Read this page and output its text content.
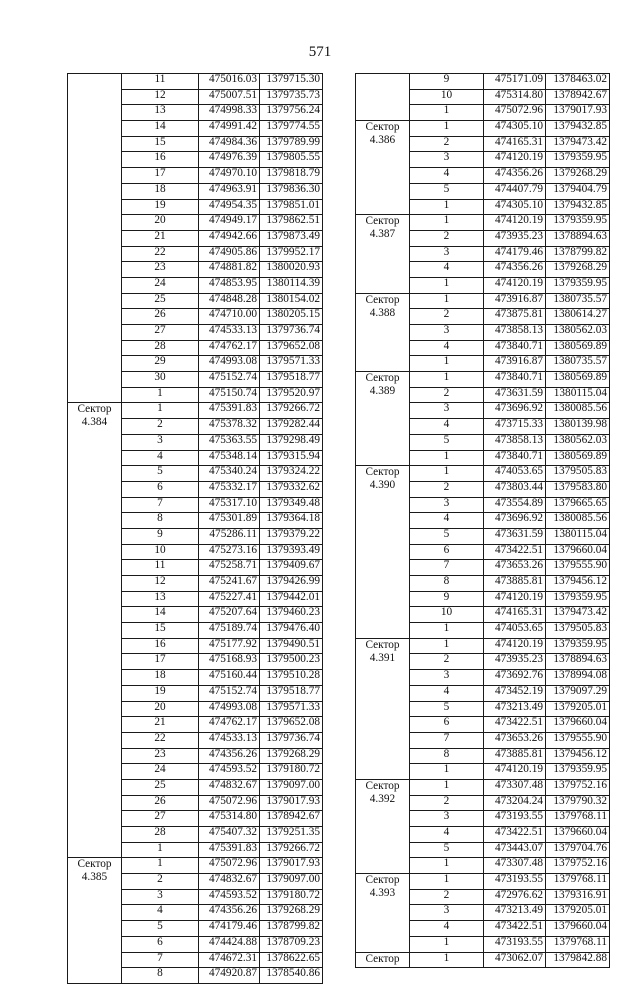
571
	11	475016.03	1379715.30
	12	475007.51	1379735.73
	13	474998.33	1379756.24
	14	474991.42	1379774.55
	15	474984.36	1379789.99
	16	474976.39	1379805.55
	17	474970.10	1379818.79
	18	474963.91	1379836.30
	19	474954.35	1379851.01
	20	474949.17	1379862.51
	21	474942.66	1379873.49
	22	474905.86	1379952.17
	23	474881.82	1380020.93
	24	474853.95	1380114.39
	25	474848.28	1380154.02
	26	474710.00	1380205.15
	27	474533.13	1379736.74
	28	474762.17	1379652.08
	29	474993.08	1379571.33
	30	475152.74	1379518.77
	1	475150.74	1379520.97

Сектор
4.384	1	475391.83	1379266.72
	2	475378.32	1379282.44
	3	475363.55	1379298.49
	4	475348.14	1379315.94
	5	475340.24	1379324.22
	6	475332.17	1379332.62
	7	475317.10	1379349.48
	8	475301.89	1379364.18
	9	475286.11	1379379.22
	10	475273.16	1379393.49
	11	475258.71	1379409.67
	12	475241.67	1379426.99
	13	475227.41	1379442.01
	14	475207.64	1379460.23
	15	475189.74	1379476.40
	16	475177.92	1379490.51
	17	475168.93	1379500.23
	18	475160.44	1379510.28
	19	475152.74	1379518.77
	20	474993.08	1379571.33
	21	474762.17	1379652.08
	22	474533.13	1379736.74
	23	474356.26	1379268.29
	24	474593.52	1379180.72
	25	474832.67	1379097.00
	26	475072.96	1379017.93
	27	475314.80	1378942.67
	28	475407.32	1379251.35
	1	475391.83	1379266.72

Сектор
4.385	1	475072.96	1379017.93
	2	474832.67	1379097.00
	3	474593.52	1379180.72
	4	474356.26	1379268.29
	5	474179.46	1378799.82
	6	474424.88	1378709.23
	7	474672.31	1378622.65
	8	474920.87	1378540.86
	9	475171.09	1378463.02
	10	475314.80	1378942.67
	1	475072.96	1379017.93

Сектор
4.386	1	474305.10	1379432.85
	2	474165.31	1379473.42
	3	474120.19	1379359.95
	4	474356.26	1379268.29
	5	474407.79	1379404.79
	1	474305.10	1379432.85

Сектор
4.387	1	474120.19	1379359.95
	2	473935.23	1378894.63
	3	474179.46	1378799.82
	4	474356.26	1379268.29
	1	474120.19	1379359.95

Сектор
4.388	1	473916.87	1380735.57
	2	473875.81	1380614.27
	3	473858.13	1380562.03
	4	473840.71	1380569.89
	1	473916.87	1380735.57

Сектор
4.389	1	473840.71	1380569.89
	2	473631.59	1380115.04
	3	473696.92	1380085.56
	4	473715.33	1380139.98
	5	473858.13	1380562.03
	1	473840.71	1380569.89

Сектор
4.390	1	474053.65	1379505.83
	2	473803.44	1379583.80
	3	473554.89	1379665.65
	4	473696.92	1380085.56
	5	473631.59	1380115.04
	6	473422.51	1379660.04
	7	473653.26	1379555.90
	8	473885.81	1379456.12
	9	474120.19	1379359.95
	10	474165.31	1379473.42
	1	474053.65	1379505.83

Сектор
4.391	1	474120.19	1379359.95
	2	473935.23	1378894.63
	3	473692.76	1378994.08
	4	473452.19	1379097.29
	5	473213.49	1379205.01
	6	473422.51	1379660.04
	7	473653.26	1379555.90
	8	473885.81	1379456.12
	1	474120.19	1379359.95

Сектор
4.392	1	473307.48	1379752.16
	2	473204.24	1379790.32
	3	473193.55	1379768.11
	4	473422.51	1379660.04
	5	473443.07	1379704.76
	1	473307.48	1379752.16

Сектор
4.393	1	473193.55	1379768.11
	2	472976.62	1379316.91
	3	473213.49	1379205.01
	4	473422.51	1379660.04
	1	473193.55	1379768.11

Сектор	1	473062.07	1379842.88
